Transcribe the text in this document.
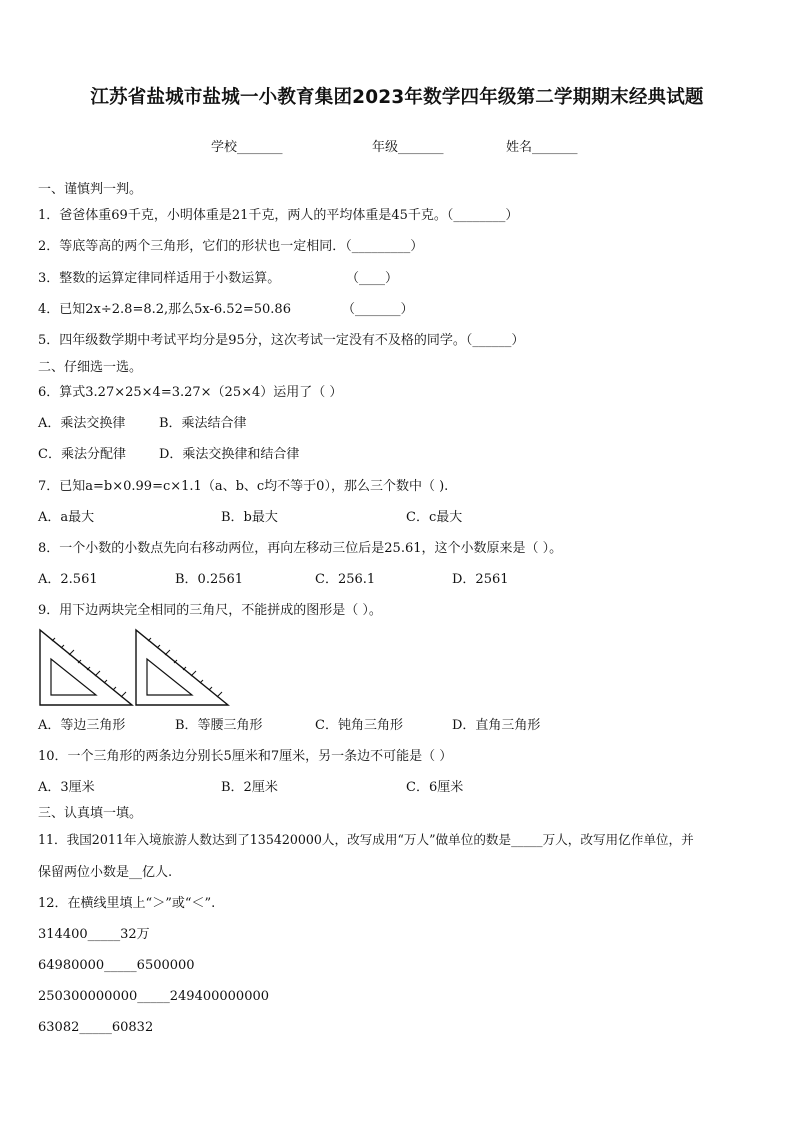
江苏省盐城市盐城一小教育集团2023年数学四年级第二学期期末经典试题
学校_______	年级_______	姓名_______
一、谨慎判一判。
1．爸爸体重69千克，小明体重是21千克，两人的平均体重是45千克。（________）
2．等底等高的两个三角形，它们的形状也一定相同．（_________）
3．整数的运算定律同样适用于小数运算。	（____）
4．已知2x÷2.8=8.2,那么5x-6.52=50.86	（_______）
5．四年级数学期中考试平均分是95分，这次考试一定没有不及格的同学。（______）
二、仔细选一选。
6．算式3.27×25×4=3.27×（25×4）运用了（ ）
A．乘法交换律	B．乘法结合律
C．乘法分配律	D．乘法交换律和结合律
7．已知a=b×0.99=c×1.1（a、b、c均不等于0），那么三个数中（ ).
A．a最大	B．b最大	C．c最大
8．一个小数的小数点先向右移动两位，再向左移动三位后是25.61，这个小数原来是（ ）。
A．2.561	B．0.2561	C．256.1	D．2561
9．用下边两块完全相同的三角尺，不能拼成的图形是（ ）。
A．等边三角形	B．等腰三角形	C．钝角三角形	D．直角三角形
10．一个三角形的两条边分别长5厘米和7厘米，另一条边不可能是（ ）
A．3厘米	B．2厘米	C．6厘米
三、认真填一填。
11．我国2011年入境旅游人数达到了135420000人，改写成用“万人”做单位的数是_____万人，改写用亿作单位，并
保留两位小数是__亿人.
12．在横线里填上“＞”或“＜”.
314400_____32万
64980000_____6500000
250300000000_____249400000000
63082_____60832
